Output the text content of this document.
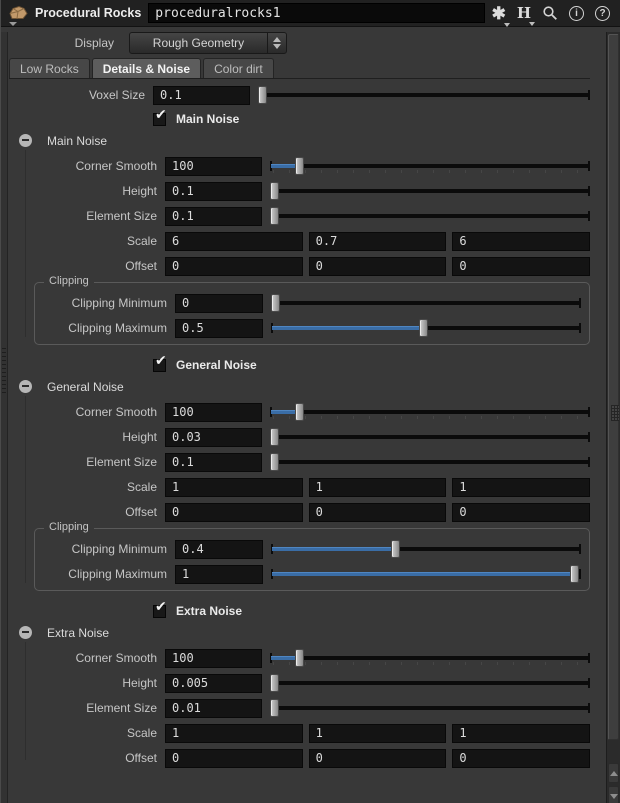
Procedural Rocks
proceduralrocks1	✱ H	i	?
Display	Rough Geometry
Low Rocks	Details & Noise	Color dirt
Voxel Size	0.1
✔ Main Noise
Main Noise
Corner Smooth	100
Height	0.1
Element Size	0.1
Scale	6	0.7	6
Offset	0	0	0
Clipping
Clipping Minimum	0
Clipping Maximum	0.5
✔ General Noise
General Noise
Corner Smooth	100
Height	0.03
Element Size	0.1
Scale	1	1	1
Offset	0	0	0
Clipping
Clipping Minimum	0.4
Clipping Maximum	1
✔ Extra Noise
Extra Noise
Corner Smooth	100
Height	0.005
Element Size	0.01
Scale	1	1	1
Offset	0	0	0
